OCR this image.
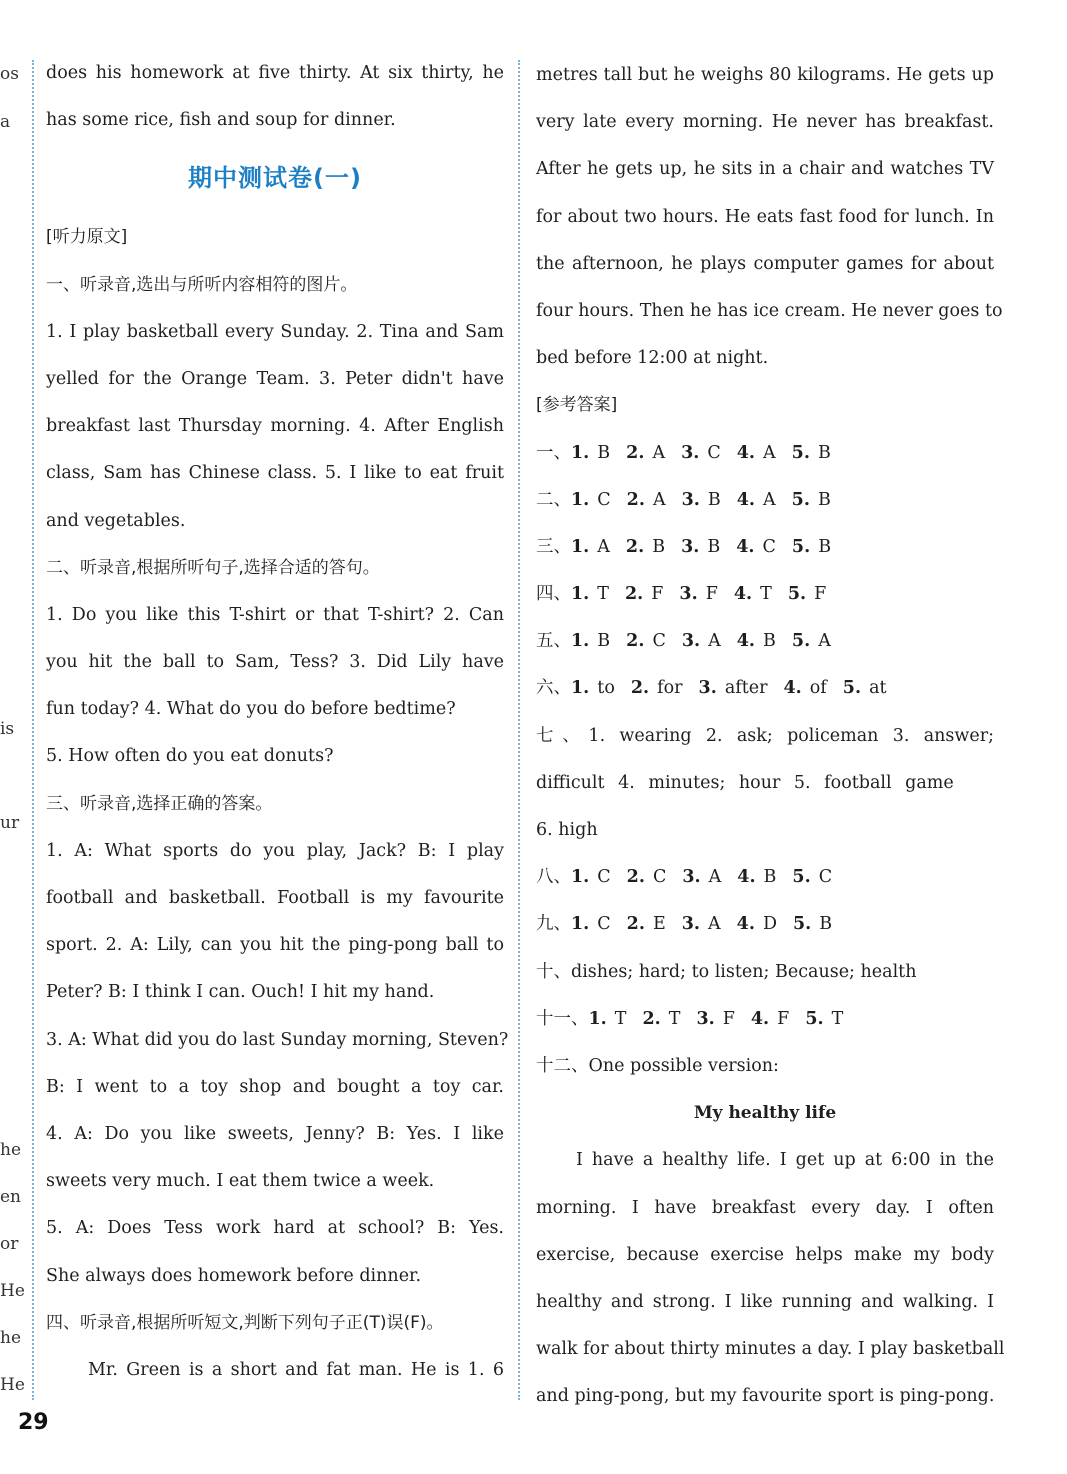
os
a
is
ur
he
en
or
He
he
He
does his homework at five thirty. At six thirty, he
has some rice, fish and soup for dinner.
期中测试卷(一)
[听力原文]
一、听录音,选出与所听内容相符的图片。
1. I play basketball every Sunday. 2. Tina and Sam
yelled for the Orange Team. 3. Peter didn't have
breakfast last Thursday morning. 4. After English
class, Sam has Chinese class. 5. I like to eat fruit
and vegetables.
二、听录音,根据所听句子,选择合适的答句。
1. Do you like this T-shirt or that T-shirt? 2. Can
you hit the ball to Sam, Tess? 3. Did Lily have
fun today? 4. What do you do before bedtime?
5. How often do you eat donuts?
三、听录音,选择正确的答案。
1. A: What sports do you play, Jack? B: I play
football and basketball. Football is my favourite
sport. 2. A: Lily, can you hit the ping-pong ball to
Peter? B: I think I can. Ouch! I hit my hand.
3. A: What did you do last Sunday morning, Steven?
B: I went to a toy shop and bought a toy car.
4. A: Do you like sweets, Jenny? B: Yes. I like
sweets very much. I eat them twice a week.
5. A: Does Tess work hard at school? B: Yes.
She always does homework before dinner.
四、听录音,根据所听短文,判断下列句子正(T)误(F)。
Mr. Green is a short and fat man. He is 1. 6
metres tall but he weighs 80 kilograms. He gets up
very late every morning. He never has breakfast.
After he gets up, he sits in a chair and watches TV
for about two hours. He eats fast food for lunch. In
the afternoon, he plays computer games for about
four hours. Then he has ice cream. He never goes to
bed before 12:00 at night.
[参考答案]
一、1. B 2. A 3. C 4. A 5. B
二、1. C 2. A 3. B 4. A 5. B
三、1. A 2. B 3. B 4. C 5. B
四、1. T 2. F 3. F 4. T 5. F
五、1. B 2. C 3. A 4. B 5. A
六、1. to 2. for 3. after 4. of 5. at
七、1. wearing 2. ask; policeman 3. answer;
difficult 4. minutes; hour 5. football game
6. high
八、1. C 2. C 3. A 4. B 5. C
九、1. C 2. E 3. A 4. D 5. B
十、dishes; hard; to listen; Because; health
十一、1. T 2. T 3. F 4. F 5. T
十二、One possible version:
My healthy life
I have a healthy life. I get up at 6:00 in the
morning. I have breakfast every day. I often
exercise, because exercise helps make my body
healthy and strong. I like running and walking. I
walk for about thirty minutes a day. I play basketball
and ping-pong, but my favourite sport is ping-pong.
29
